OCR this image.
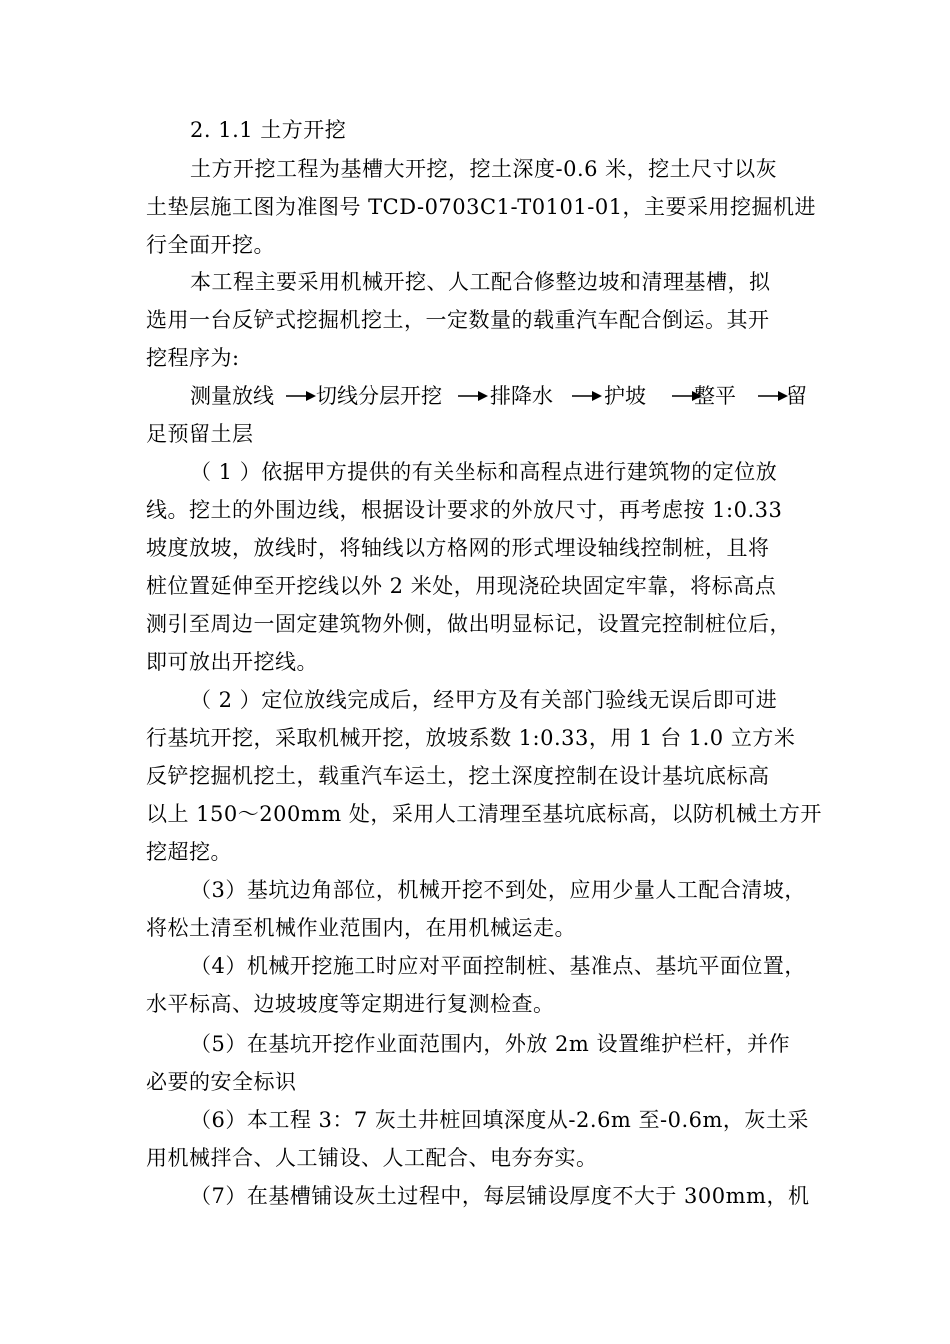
2. 1.1 土方开挖
土方开挖工程为基槽大开挖，挖土深度-0.6 米，挖土尺寸以灰
土垫层施工图为准图号 TCD-0703C1-T0101-01，主要采用挖掘机进
行全面开挖。
本工程主要采用机械开挖、人工配合修整边坡和清理基槽，拟
选用一台反铲式挖掘机挖土，一定数量的载重汽车配合倒运。其开
挖程序为:
测量放线 切线分层开挖 排降水 护坡 整平 留
足预留土层
（ 1 ）依据甲方提供的有关坐标和高程点进行建筑物的定位放
线。挖土的外围边线，根据设计要求的外放尺寸，再考虑按 1:0.33
坡度放坡，放线时，将轴线以方格网的形式埋设轴线控制桩，且将
桩位置延伸至开挖线以外 2 米处，用现浇砼块固定牢靠，将标高点
测引至周边一固定建筑物外侧，做出明显标记，设置完控制桩位后，
即可放出开挖线。
（ 2 ）定位放线完成后，经甲方及有关部门验线无误后即可进
行基坑开挖，采取机械开挖，放坡系数 1:0.33，用 1 台 1.0 立方米
反铲挖掘机挖土，载重汽车运土，挖土深度控制在设计基坑底标高
以上 150～200mm 处，采用人工清理至基坑底标高，以防机械土方开
挖超挖。
（3）基坑边角部位，机械开挖不到处，应用少量人工配合清坡，
将松土清至机械作业范围内，在用机械运走。
（4）机械开挖施工时应对平面控制桩、基准点、基坑平面位置，
水平标高、边坡坡度等定期进行复测检查。
（5）在基坑开挖作业面范围内，外放 2m 设置维护栏杆，并作
必要的安全标识
（6）本工程 3：7 灰土井桩回填深度从-2.6m 至-0.6m，灰土采
用机械拌合、人工铺设、人工配合、电夯夯实。
（7）在基槽铺设灰土过程中，每层铺设厚度不大于 300mm，机
